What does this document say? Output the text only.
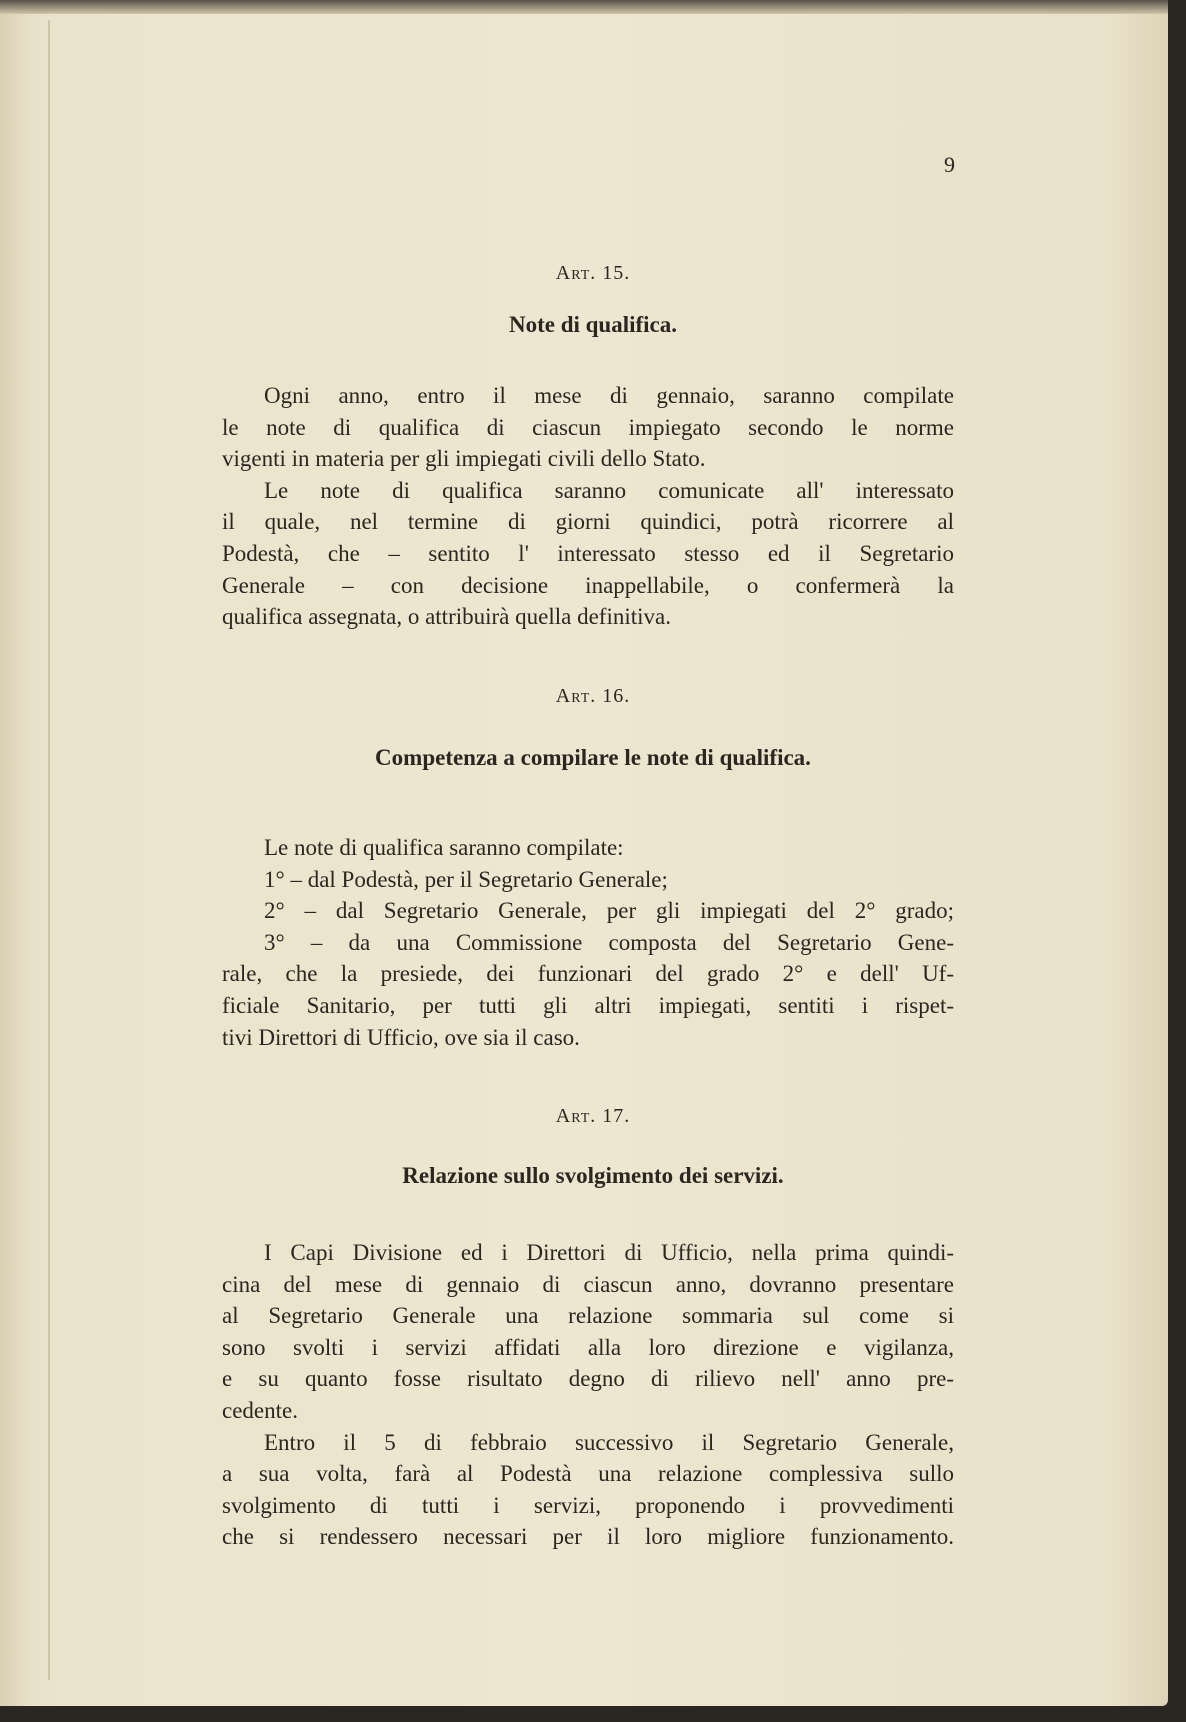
9
Art. 15.
Note di qualifica.
Ogni anno, entro il mese di gennaio, saranno compilate
le note di qualifica di ciascun impiegato secondo le norme
vigenti in materia per gli impiegati civili dello Stato.
Le note di qualifica saranno comunicate all' interessato
il quale, nel termine di giorni quindici, potrà ricorrere al
Podestà, che – sentito l' interessato stesso ed il Segretario
Generale – con decisione inappellabile, o confermerà la
qualifica assegnata, o attribuirà quella definitiva.
Art. 16.
Competenza a compilare le note di qualifica.
Le note di qualifica saranno compilate:
1° – dal Podestà, per il Segretario Generale;
2° – dal Segretario Generale, per gli impiegati del 2° grado;
3° – da una Commissione composta del Segretario Gene-
rale, che la presiede, dei funzionari del grado 2° e dell' Uf-
ficiale Sanitario, per tutti gli altri impiegati, sentiti i rispet-
tivi Direttori di Ufficio, ove sia il caso.
Art. 17.
Relazione sullo svolgimento dei servizi.
I Capi Divisione ed i Direttori di Ufficio, nella prima quindi-
cina del mese di gennaio di ciascun anno, dovranno presentare
al Segretario Generale una relazione sommaria sul come si
sono svolti i servizi affidati alla loro direzione e vigilanza,
e su quanto fosse risultato degno di rilievo nell' anno pre-
cedente.
Entro il 5 di febbraio successivo il Segretario Generale,
a sua volta, farà al Podestà una relazione complessiva sullo
svolgimento di tutti i servizi, proponendo i provvedimenti
che si rendessero necessari per il loro migliore funzionamento.
